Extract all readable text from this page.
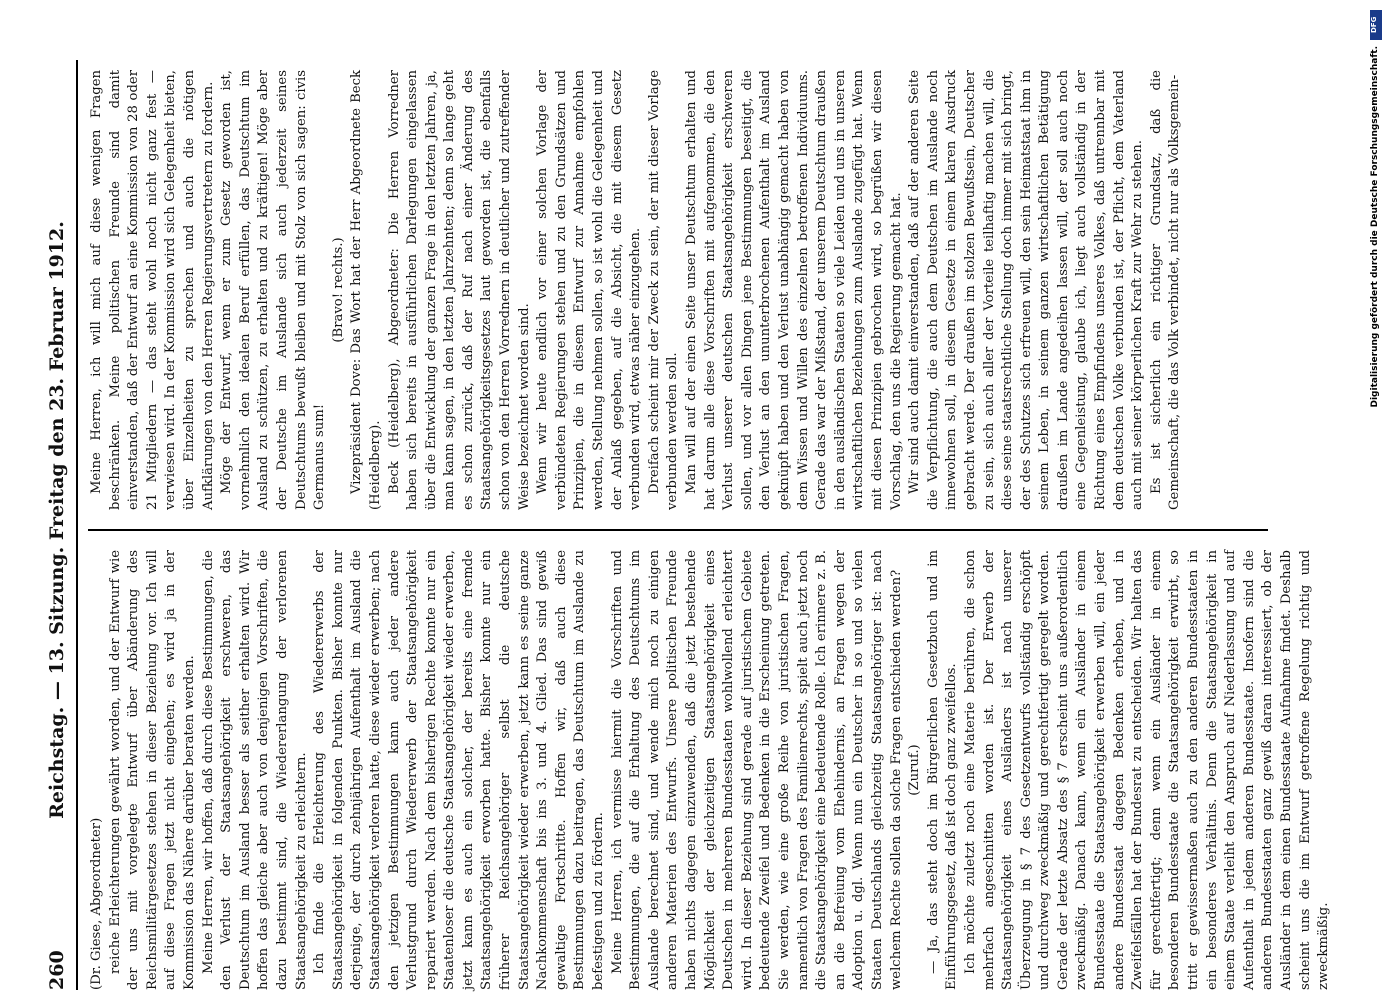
260
Reichstag. — 13. Sitzung. Freitag den 23. Februar 1912.

(Dr. Giese, Abgeordneter) reiche Erleichterungen gewährt worden, und der Entwurf wie der uns mit vorgelegte Entwurf über Abänderung des Reichsmilitärgesetzes stehen in dieser Beziehung vor. Ich will auf diese Fragen jetzt nicht eingehen; es wird ja in der Kommission das Nähere darüber beraten werden. Meine Herren, wir hoffen, daß durch diese Bestimmungen, die den Verlust der Staatsangehörigkeit erschweren, das Deutschtum im Ausland besser als seither erhalten wird. Wir hoffen das gleiche aber auch von denjenigen Vorschriften, die dazu bestimmt sind, die Wiedererlangung der verlorenen Staatsangehörigkeit zu erleichtern. Ich finde die Erleichterung des Wiedererwerbs der Staatsangehörigkeit in folgenden Punkten. Bisher konnte nur derjenige, der durch zehnjährigen Aufenthalt im Ausland die Staatsangehörigkeit verloren hatte, diese wieder erwerben; nach den jetzigen Bestimmungen kann auch jeder andere Verlustgrund durch Wiedererwerb der Staatsangehörigkeit repariert werden. Nach dem bisherigen Rechte konnte nur ein Staatenloser die deutsche Staatsangehörigkeit wieder erwerben, jetzt kann es auch ein solcher, der bereits eine fremde Staatsangehörigkeit erworben hatte. Bisher konnte nur ein früherer Reichsangehöriger selbst die deutsche Staatsangehörigkeit wieder erwerben, jetzt kann es seine ganze Nachkommenschaft bis ins 3. und 4. Glied. Das sind gewiß gewaltige Fortschritte. Hoffen wir, daß auch diese Bestimmungen dazu beitragen, das Deutschtum im Auslande zu befestigen und zu fördern. Meine Herren, ich vermisse hiermit die Vorschriften und Bestimmungen, die auf die Erhaltung des Deutschtums im Auslande berechnet sind, und wende mich noch zu einigen anderen Materien des Entwurfs. Unsere politischen Freunde haben nichts dagegen einzuwenden, daß die jetzt bestehende Möglichkeit der gleichzeitigen Staatsangehörigkeit eines Deutschen in mehreren Bundesstaaten wohlwollend erleichtert wird. In dieser Beziehung sind gerade auf juristischem Gebiete bedeutende Zweifel und Bedenken in die Erscheinung getreten. Sie werden, wie eine große Reihe von juristischen Fragen, namentlich von Fragen des Familienrechts, spielt auch jetzt noch die Staatsangehörigkeit eine bedeutende Rolle. Ich erinnere z. B. an die Befreiung vom Ehehindernis, an Fragen wegen der Adoption u. dgl. Wenn nun ein Deutscher in so und so vielen Staaten Deutschlands gleichzeitig Staatsangehöriger ist: nach welchem Rechte sollen da solche Fragen entschieden werden? (Zuruf.) — Ja, das steht doch im Bürgerlichen Gesetzbuch und im Einführungsgesetz, daß ist doch ganz zweifellos. Ich möchte zuletzt noch eine Materie berühren, die schon mehrfach angeschnitten worden ist. Der Erwerb der Staatsangehörigkeit eines Ausländers ist nach unserer Überzeugung in § 7 des Gesetzentwurfs vollständig erschöpft und durchweg zweckmäßig und gerechtfertigt geregelt worden. Gerade der letzte Absatz des § 7 erscheint uns außerordentlich zweckmäßig. Danach kann, wenn ein Ausländer in einem Bundesstaate die Staatsangehörigkeit erwerben will, ein jeder andere Bundesstaat dagegen Bedenken erheben, und in Zweifelsfällen hat der Bundesrat zu entscheiden. Wir halten das für gerechtfertigt; denn wenn ein Ausländer in einem besonderen Bundesstaate die Staatsangehörigkeit erwirbt, so tritt er gewissermaßen auch zu den anderen Bundesstaaten in ein besonderes Verhältnis. Denn die Staatsangehörigkeit in einem Staate verleiht den Anspruch auf Niederlassung und auf Aufenthalt in jedem anderen Bundesstaate. Insofern sind die anderen Bundesstaaten ganz gewiß daran interessiert, ob der Ausländer in dem einen Bundesstaate Aufnahme findet. Deshalb scheint uns die im Entwurf getroffene Regelung richtig und zweckmäßig.

Meine Herren, ich will mich auf diese wenigen Fragen beschränken. Meine politischen Freunde sind damit einverstanden, daß der Entwurf an eine Kommission von 28 oder 21 Mitgliedern — das steht wohl noch nicht ganz fest — verwiesen wird. In der Kommission wird sich Gelegenheit bieten, über Einzelheiten zu sprechen und auch die nötigen Aufklärungen von den Herren Regierungsvertretern zu fordern. Möge der Entwurf, wenn er zum Gesetz geworden ist, vornehmlich den idealen Beruf erfüllen, das Deutschtum im Ausland zu schützen, zu erhalten und zu kräftigen! Möge aber der Deutsche im Auslande sich auch jederzeit seines Deutschtums bewußt bleiben und mit Stolz von sich sagen: civis Germanus sum!

(Bravo! rechts.) Vizepräsident Dove: Das Wort hat der Herr Abgeordnete Beck (Heidelberg). Beck (Heidelberg), Abgeordneter: Die Herren Vorredner haben sich bereits in ausführlichen Darlegungen eingelassen über die Entwicklung der ganzen Frage in den letzten Jahren, ja, man kann sagen, in den letzten Jahrzehnten; denn so lange geht es schon zurück, daß der Ruf nach einer Änderung des Staatsangehörigkeitsgesetzes laut geworden ist, die ebenfalls schon von den Herren Vorrednern in deutlicher und zutreffender Weise bezeichnet worden sind. Wenn wir heute endlich vor einer solchen Vorlage der verbündeten Regierungen stehen und zu den Grundsätzen und Prinzipien, die in diesem Entwurf zur Annahme empfohlen werden, Stellung nehmen sollen, so ist wohl die Gelegenheit und der Anlaß gegeben, auf die Absicht, die mit diesem Gesetz verbunden wird, etwas näher einzugehen. Dreifach scheint mir der Zweck zu sein, der mit dieser Vorlage verbunden werden soll. Man will auf der einen Seite unser Deutschtum erhalten und hat darum alle diese Vorschriften mit aufgenommen, die den Verlust unserer deutschen Staatsangehörigkeit erschweren sollen, und vor allen Dingen jene Bestimmungen beseitigt, die den Verlust an den ununterbrochenen Aufenthalt im Ausland geknüpft haben und den Verlust unabhängig gemacht haben von dem Wissen und Willen des einzelnen betroffenen Individuums. Gerade das war der Mißstand, der unserem Deutschtum draußen in den ausländischen Staaten so viele Leiden und uns in unseren wirtschaftlichen Beziehungen zum Auslande zugefügt hat. Wenn mit diesen Prinzipien gebrochen wird, so begrüßen wir diesen Vorschlag, den uns die Regierung gemacht hat. Wir sind auch damit einverstanden, daß auf der anderen Seite die Verpflichtung, die auch dem Deutschen im Auslande noch innewohnen soll, in diesem Gesetze in einem klaren Ausdruck gebracht werde. Der draußen im stolzen Bewußtsein, Deutscher zu sein, sich auch aller der Vorteile teilhaftig machen will, die diese seine staatsrechtliche Stellung doch immer mit sich bringt, der des Schutzes sich erfreuen will, den sein Heimatstaat ihm in seinem Leben, in seinem ganzen wirtschaftlichen Betätigung draußen im Lande angedeihen lassen will, der soll auch noch eine Gegenleistung, glaube ich, liegt auch vollständig in der Richtung eines Empfindens unseres Volkes, daß untrennbar mit dem deutschen Volke verbunden ist, der Pflicht, dem Vaterland auch mit seiner körperlichen Kraft zur Wehr zu stehen. Es ist sicherlich ein richtiger Grundsatz, daß die Gemeinschaft, die das Volk verbindet, nicht nur als Volksgemein-

DFG
Digitalisierung gefördert durch die Deutsche Forschungsgemeinschaft.
